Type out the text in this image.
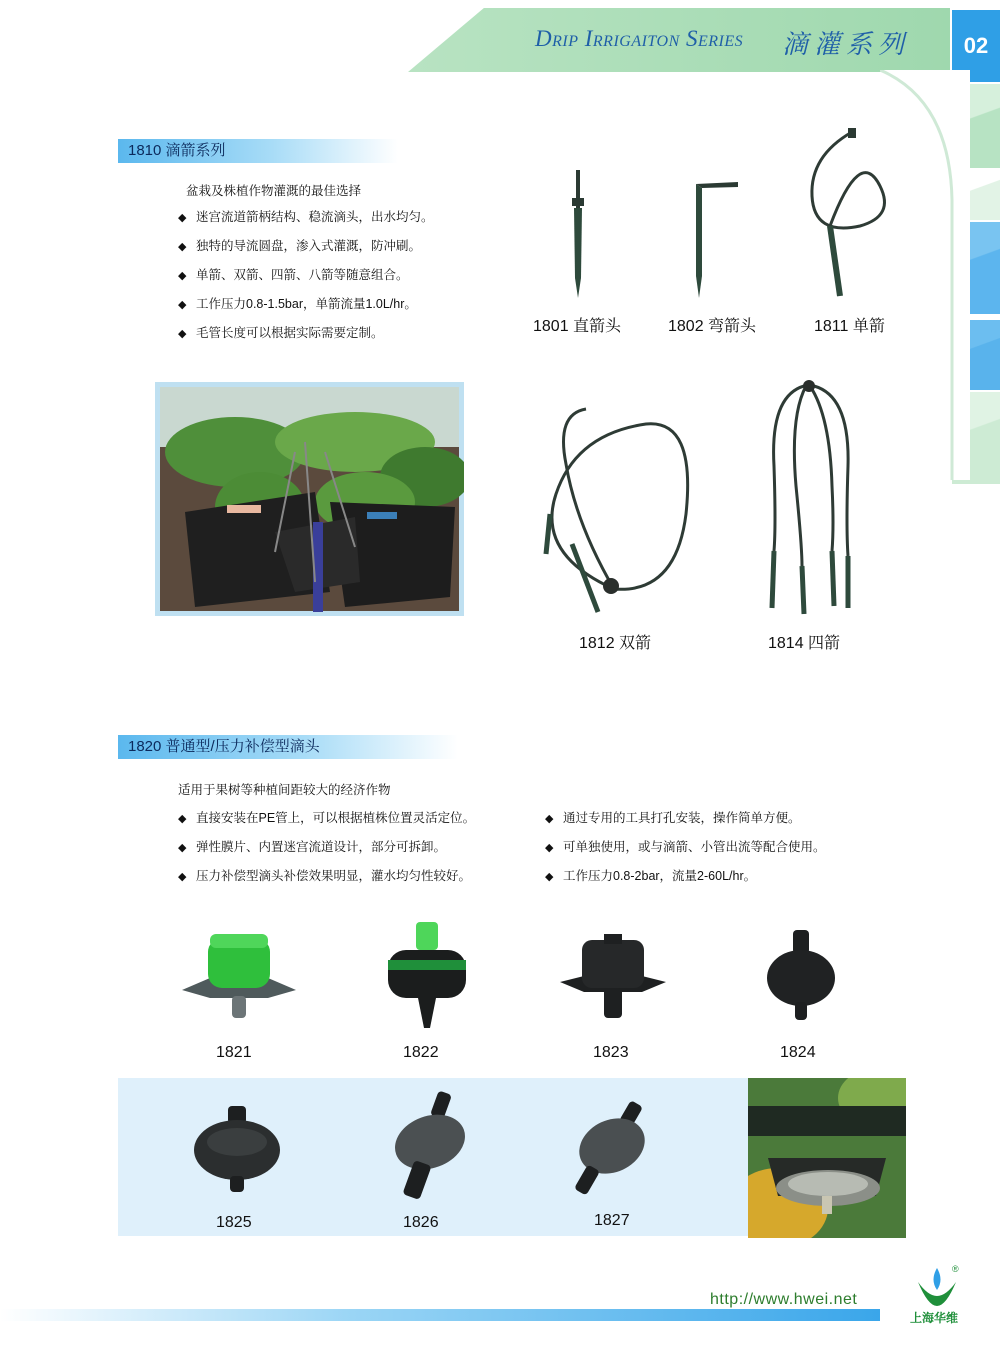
Drip Irrigaiton Series 滴灌系列	02
1810 滴箭系列
盆栽及株植作物灌溉的最佳选择
◆ 迷宫流道箭柄结构、稳流滴头，出水均匀。
◆ 独特的导流圆盘，渗入式灌溉，防冲刷。
◆ 单箭、双箭、四箭、八箭等随意组合。
◆ 工作压力0.8-1.5bar，单箭流量1.0L/hr。
◆ 毛管长度可以根据实际需要定制。	1801 直箭头	1802 弯箭头	1811 单箭
1812 双箭	1814 四箭
1820 普通型/压力补偿型滴头
适用于果树等种植间距较大的经济作物
◆ 直接安装在PE管上，可以根据植株位置灵活定位。
◆ 弹性膜片、内置迷宫流道设计，部分可拆卸。
◆ 压力补偿型滴头补偿效果明显，灌水均匀性较好。
◆ 通过专用的工具打孔安装，操作简单方便。
◆ 可单独使用，或与滴箭、小管出流等配合使用。
◆ 工作压力0.8-2bar，流量2-60L/hr。
1821	1822	1823	1824
1825	1826	1827
http://www.hwei.net
®
上海华维
